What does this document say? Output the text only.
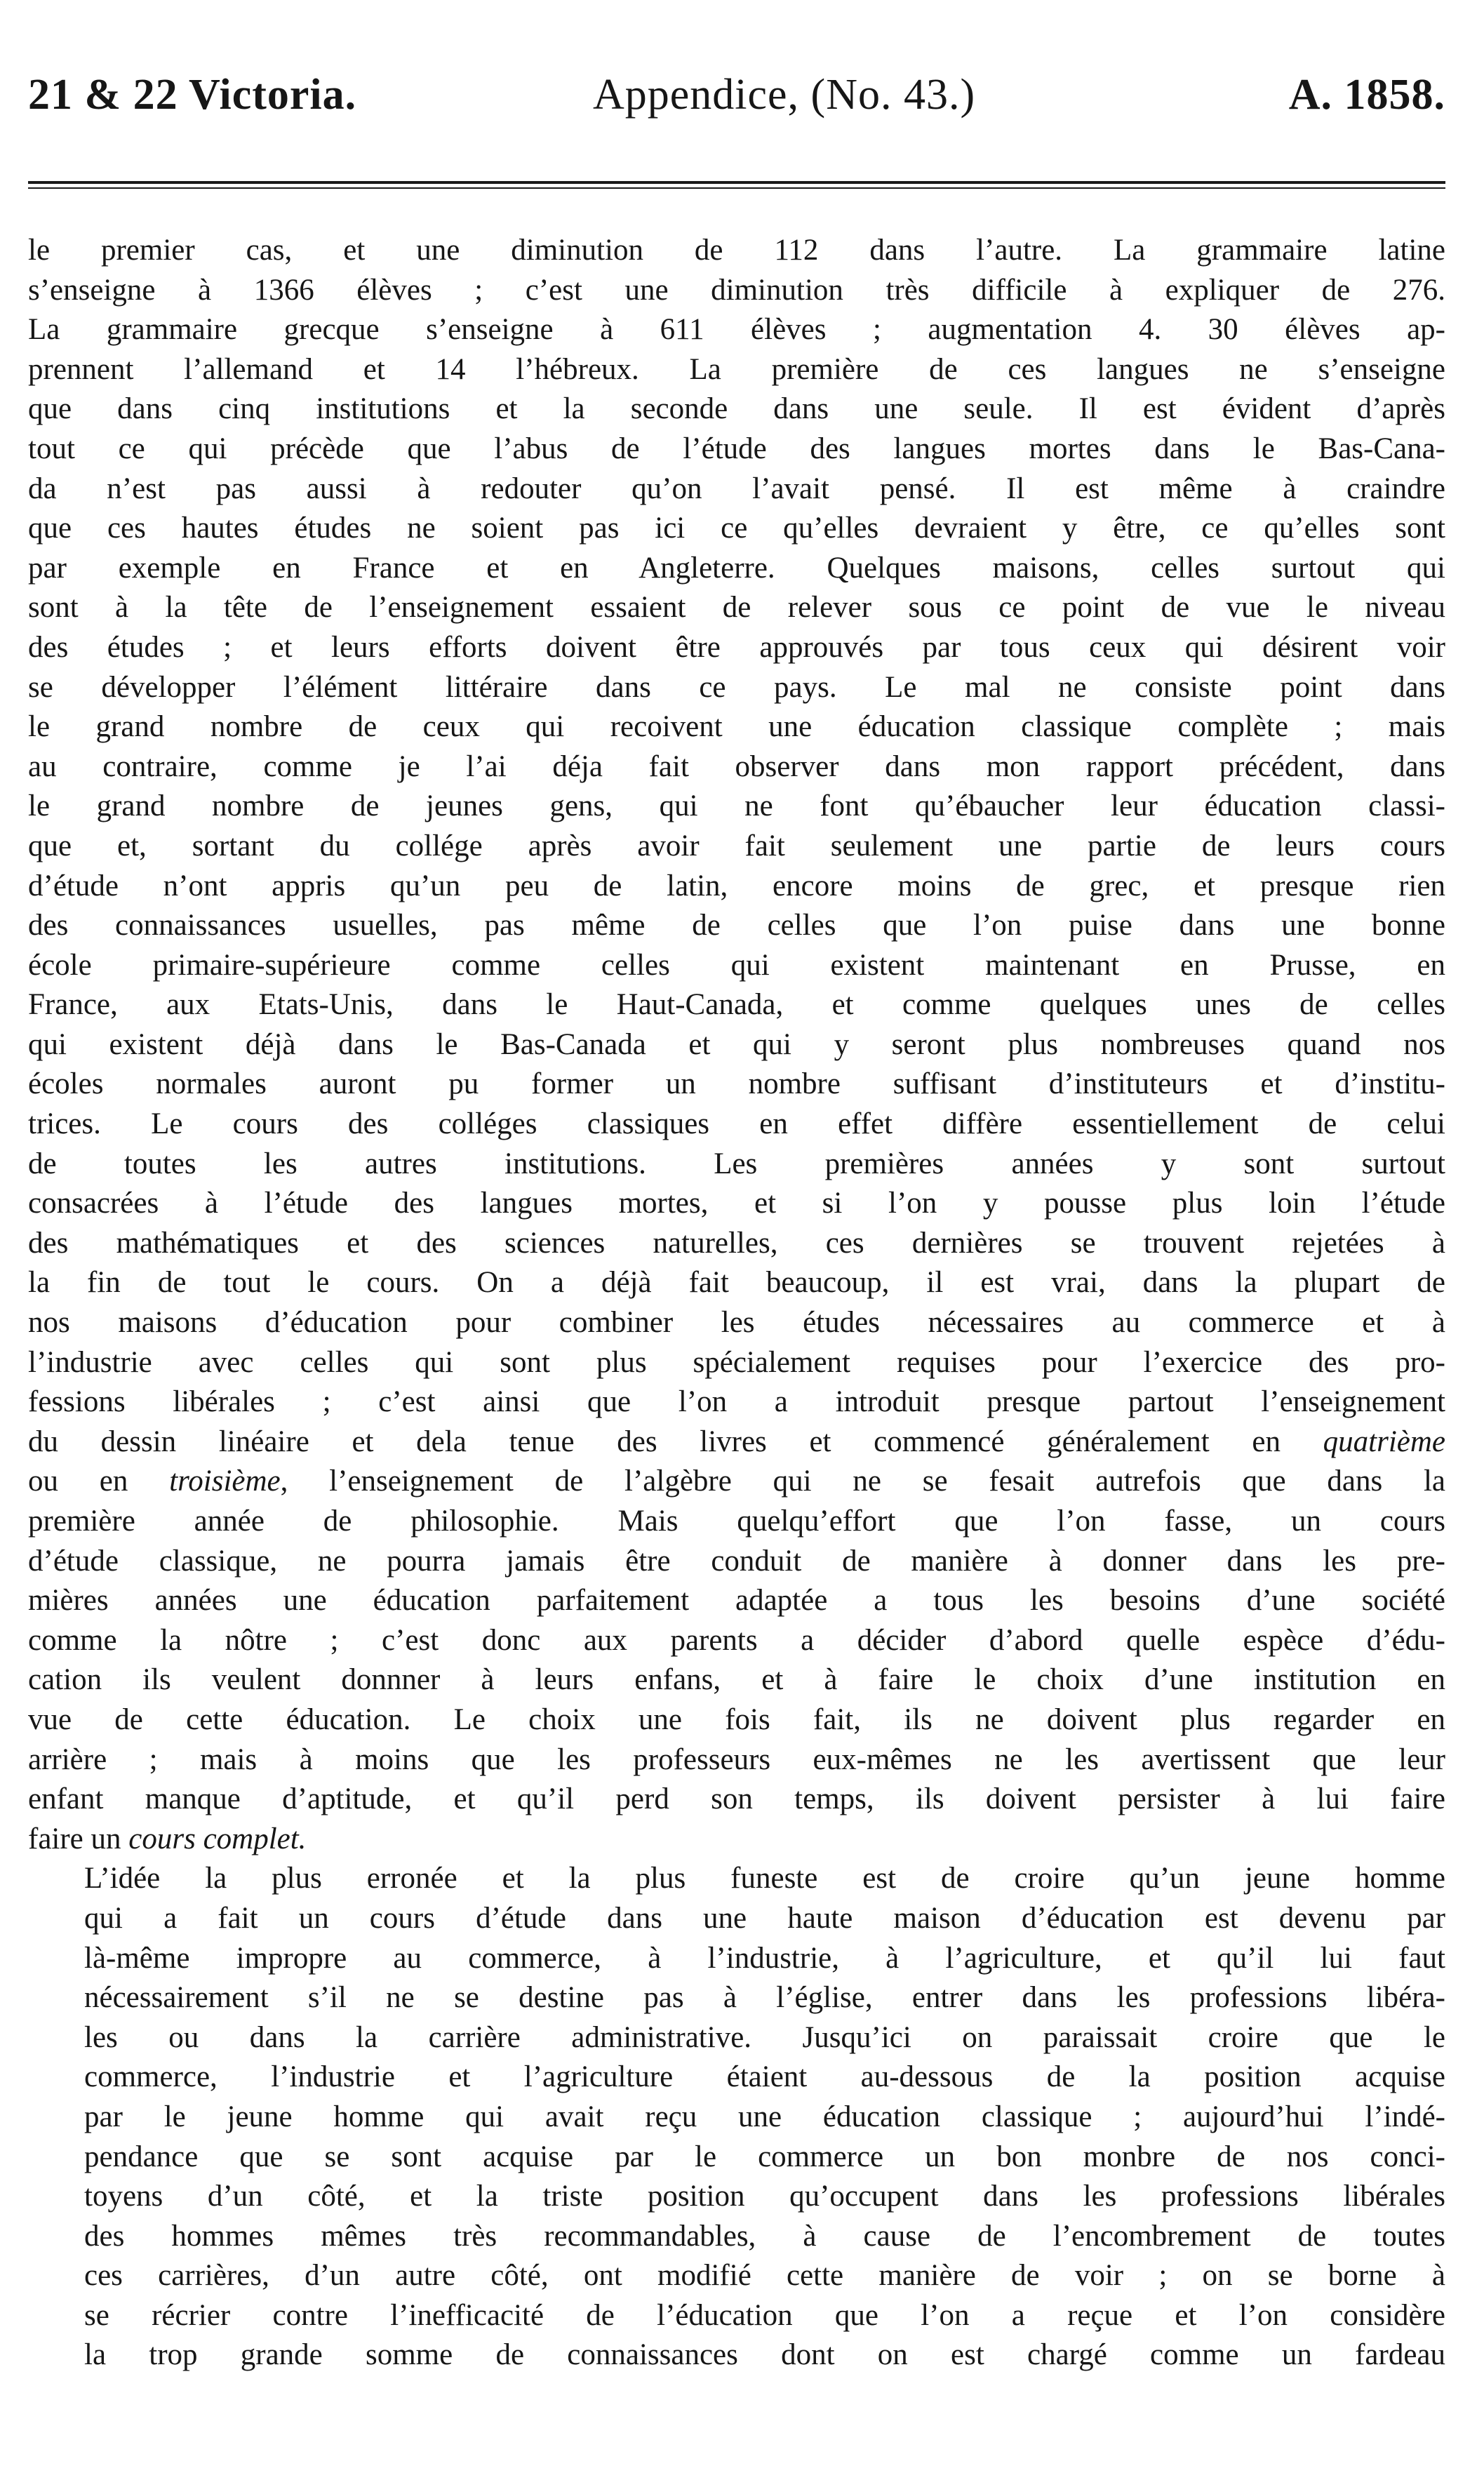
21 & 22 Victoria.	Appendice, (No. 43.)	A. 1858.

le premier cas, et une diminution de 112 dans l’autre. La grammaire latine
s’enseigne à 1366 élèves ; c’est une diminution très difficile à expliquer de 276.
La grammaire grecque s’enseigne à 611 élèves ; augmentation 4. 30 élèves ap-
prennent l’allemand et 14 l’hébreux. La première de ces langues ne s’enseigne
que dans cinq institutions et la seconde dans une seule. Il est évident d’après
tout ce qui précède que l’abus de l’étude des langues mortes dans le Bas-Cana-
da n’est pas aussi à redouter qu’on l’avait pensé. Il est même à craindre
que ces hautes études ne soient pas ici ce qu’elles devraient y être, ce qu’elles sont
par exemple en France et en Angleterre. Quelques maisons, celles surtout qui
sont à la tête de l’enseignement essaient de relever sous ce point de vue le niveau
des études ; et leurs efforts doivent être approuvés par tous ceux qui désirent voir
se développer l’élément littéraire dans ce pays. Le mal ne consiste point dans
le grand nombre de ceux qui recoivent une éducation classique complète ; mais
au contraire, comme je l’ai déja fait observer dans mon rapport précédent, dans
le grand nombre de jeunes gens, qui ne font qu’ébaucher leur éducation classi-
que et, sortant du collége après avoir fait seulement une partie de leurs cours
d’étude n’ont appris qu’un peu de latin, encore moins de grec, et presque rien
des connaissances usuelles, pas même de celles que l’on puise dans une bonne
école primaire-supérieure comme celles qui existent maintenant en Prusse, en
France, aux Etats-Unis, dans le Haut-Canada, et comme quelques unes de celles
qui existent déjà dans le Bas-Canada et qui y seront plus nombreuses quand nos
écoles normales auront pu former un nombre suffisant d’instituteurs et d’institu-
trices. Le cours des colléges classiques en effet diffère essentiellement de celui
de toutes les autres institutions. Les premières années y sont surtout
consacrées à l’étude des langues mortes, et si l’on y pousse plus loin l’étude
des mathématiques et des sciences naturelles, ces dernières se trouvent rejetées à
la fin de tout le cours. On a déjà fait beaucoup, il est vrai, dans la plupart de
nos maisons d’éducation pour combiner les études nécessaires au commerce et à
l’industrie avec celles qui sont plus spécialement requises pour l’exercice des pro-
fessions libérales ; c’est ainsi que l’on a introduit presque partout l’enseignement
du dessin linéaire et dela tenue des livres et commencé généralement en quatrième
ou en troisième, l’enseignement de l’algèbre qui ne se fesait autrefois que dans la
première année de philosophie. Mais quelqu’effort que l’on fasse, un cours
d’étude classique, ne pourra jamais être conduit de manière à donner dans les pre-
mières années une éducation parfaitement adaptée a tous les besoins d’une société
comme la nôtre ; c’est donc aux parents a décider d’abord quelle espèce d’édu-
cation ils veulent donnner à leurs enfans, et à faire le choix d’une institution en
vue de cette éducation. Le choix une fois fait, ils ne doivent plus regarder en
arrière ; mais à moins que les professeurs eux-mêmes ne les avertissent que leur
enfant manque d’aptitude, et qu’il perd son temps, ils doivent persister à lui faire
faire un cours complet.

L’idée la plus erronée et la plus funeste est de croire qu’un jeune homme
qui a fait un cours d’étude dans une haute maison d’éducation est devenu par
là-même impropre au commerce, à l’industrie, à l’agriculture, et qu’il lui faut
nécessairement s’il ne se destine pas à l’église, entrer dans les professions libéra-
les ou dans la carrière administrative. Jusqu’ici on paraissait croire que le
commerce, l’industrie et l’agriculture étaient au-dessous de la position acquise
par le jeune homme qui avait reçu une éducation classique ; aujourd’hui l’indé-
pendance que se sont acquise par le commerce un bon monbre de nos conci-
toyens d’un côté, et la triste position qu’occupent dans les professions libérales
des hommes mêmes très recommandables, à cause de l’encombrement de toutes
ces carrières, d’un autre côté, ont modifié cette manière de voir ; on se borne à
se récrier contre l’inefficacité de l’éducation que l’on a reçue et l’on considère
la trop grande somme de connaissances dont on est chargé comme un fardeau
